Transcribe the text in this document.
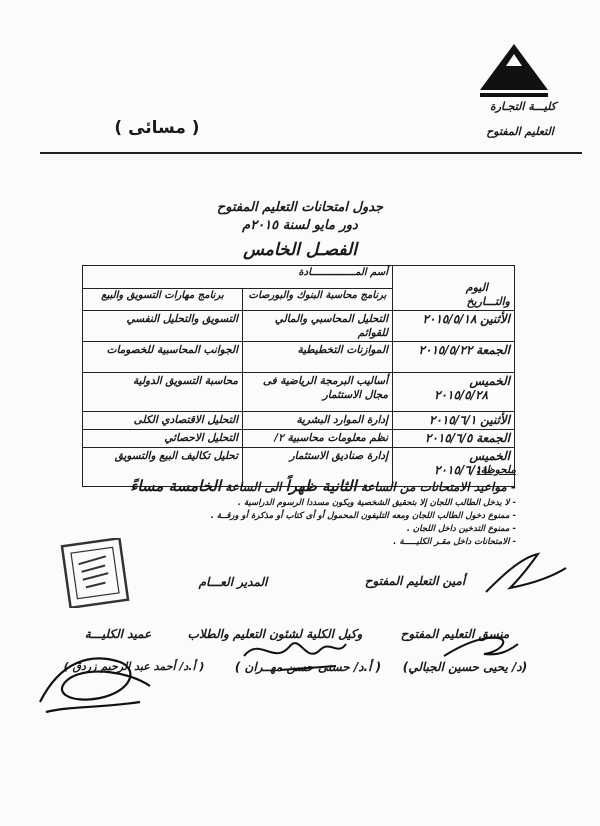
كليـــة التجـارة
التعليم المفتوح
( مسائى )
جدول امتحانات التعليم المفتوح
دور مايو لسنة ٢٠١٥م
الفصـل الخامس
اليوم
والتـــاريخ	أسم المـــــــــــــــادة	
	برنامج محاسبة البنوك والبورصات	برنامج مهارات التسويق والبيع
الأثنين ٢٠١٥/٥/١٨	التحليل المحاسبي والمالي للقوائم	التسويق والتحليل النفسي
الجمعة ٢٠١٥/٥/٢٢	الموازنات التخطيطية	الجوانب المحاسبية للخصومات

الخميس
٢٠١٥/٥/٢٨	أساليب البرمجة الرياضية فى مجال الاستثمار	محاسبة التسويق الدولية
الأثنين ٢٠١٥/٦/١	إدارة الموارد البشرية	التحليل الاقتصادي الكلى
الجمعة ٢٠١٥/٦/٥	نظم معلومات محاسبية ٢/	التحليل الاحصائي

الخميس
٢٠١٥/٦/١١	إدارة صناديق الاستثمار	تحليل تكاليف البيع والتسويق
ملحوظة:
- مواعيد الامتحانات من الساعة الثانية ظهراً الى الساعة الخامسة مساءً
- لا يدخل الطالب اللجان إلا بتحقيق الشخصية ويكون مسددا الرسوم الدراسية .
- ممنوع دخول الطالب اللجان ومعه التليفون المحمول أو أى كتاب أو مذكرة أو ورقــة .
- ممنوع التدخين داخل اللجان .
- الامتحانات داخل مقـر الكليـــــة .
أمين التعليم المفتوح
المدير العـــام
منسق التعليم المفتوح
وكيل الكلية لشئون التعليم والطلاب
عميد الكليـــة
(د/ يحيى حسين الجبالي)
( أ.د/ حسنى حسن مهــران )
( أ.د/ أحمد عبد الرحيم زردق )
